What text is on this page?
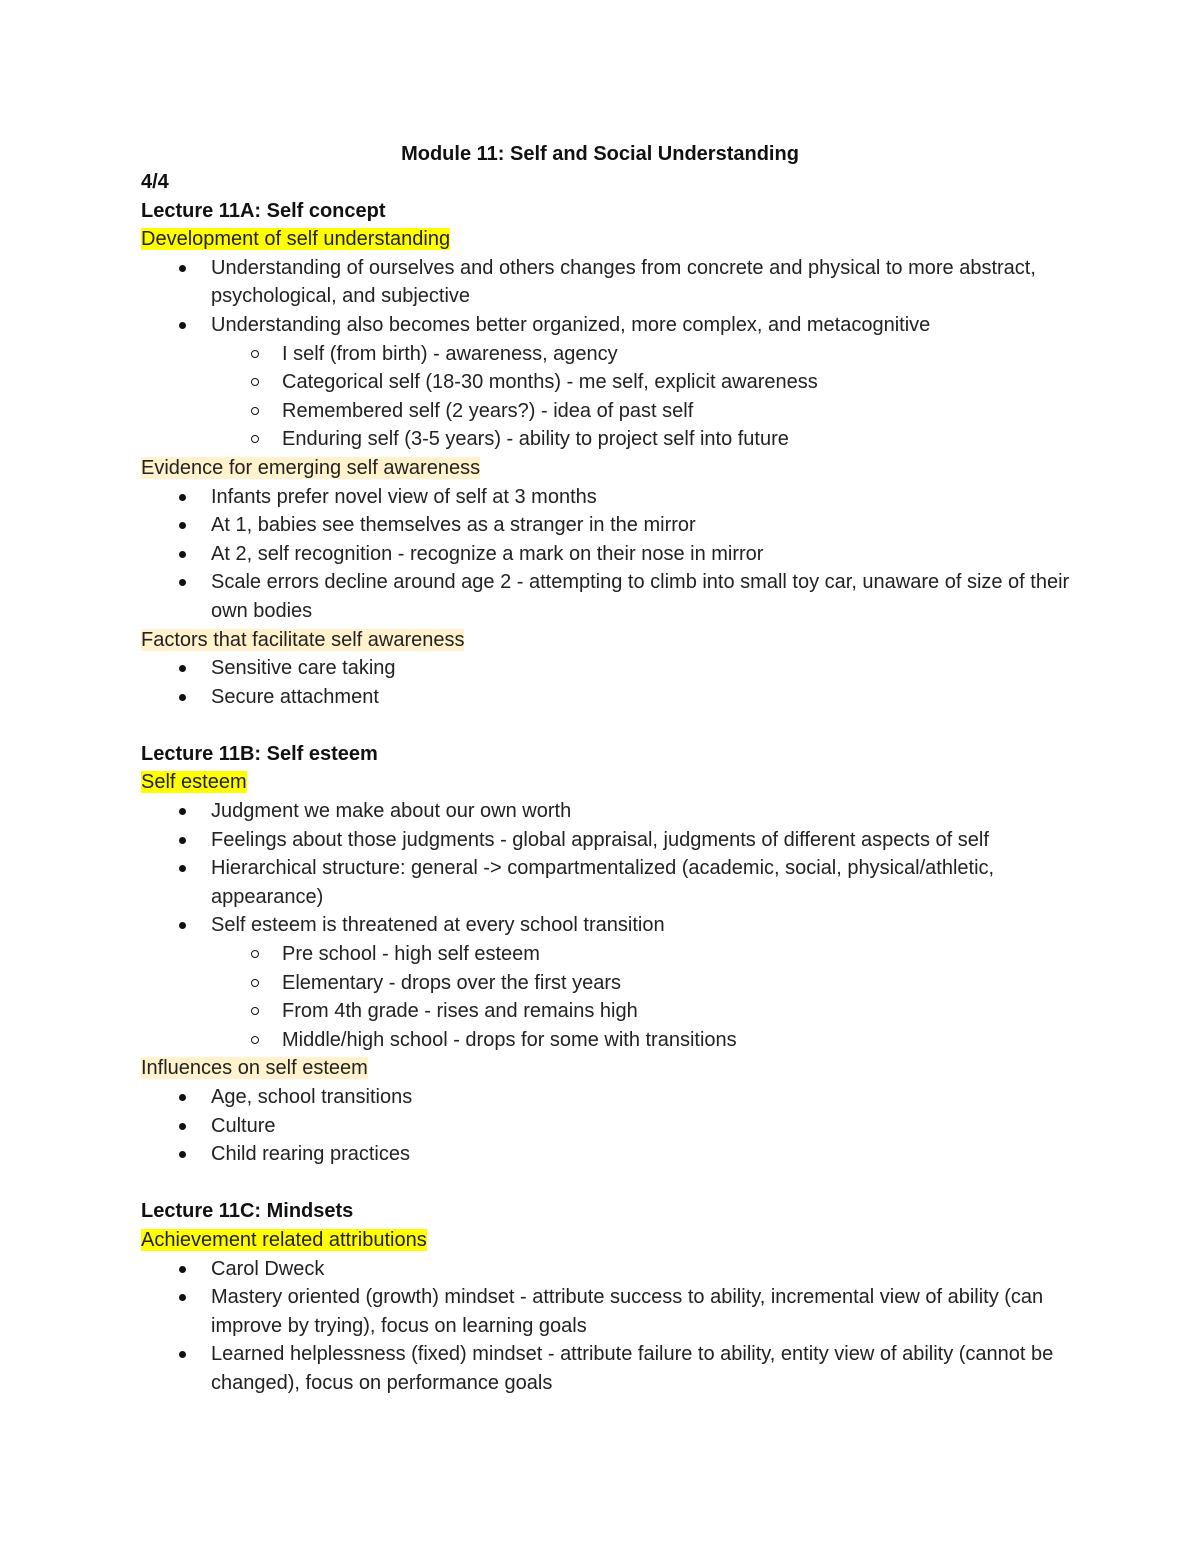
Module 11: Self and Social Understanding
4/4
Lecture 11A: Self concept
Development of self understanding
Understanding of ourselves and others changes from concrete and physical to more abstract, psychological, and subjective
Understanding also becomes better organized, more complex, and metacognitive
I self (from birth) - awareness, agency
Categorical self (18-30 months) - me self, explicit awareness
Remembered self (2 years?) - idea of past self
Enduring self (3-5 years) - ability to project self into future
Evidence for emerging self awareness
Infants prefer novel view of self at 3 months
At 1, babies see themselves as a stranger in the mirror
At 2, self recognition - recognize a mark on their nose in mirror
Scale errors decline around age 2 - attempting to climb into small toy car, unaware of size of their own bodies
Factors that facilitate self awareness
Sensitive care taking
Secure attachment
Lecture 11B: Self esteem
Self esteem
Judgment we make about our own worth
Feelings about those judgments - global appraisal, judgments of different aspects of self
Hierarchical structure: general -> compartmentalized (academic, social, physical/athletic, appearance)
Self esteem is threatened at every school transition
Pre school - high self esteem
Elementary - drops over the first years
From 4th grade - rises and remains high
Middle/high school - drops for some with transitions
Influences on self esteem
Age, school transitions
Culture
Child rearing practices
Lecture 11C: Mindsets
Achievement related attributions
Carol Dweck
Mastery oriented (growth) mindset - attribute success to ability, incremental view of ability (can improve by trying), focus on learning goals
Learned helplessness (fixed) mindset - attribute failure to ability, entity view of ability (cannot be changed), focus on performance goals
